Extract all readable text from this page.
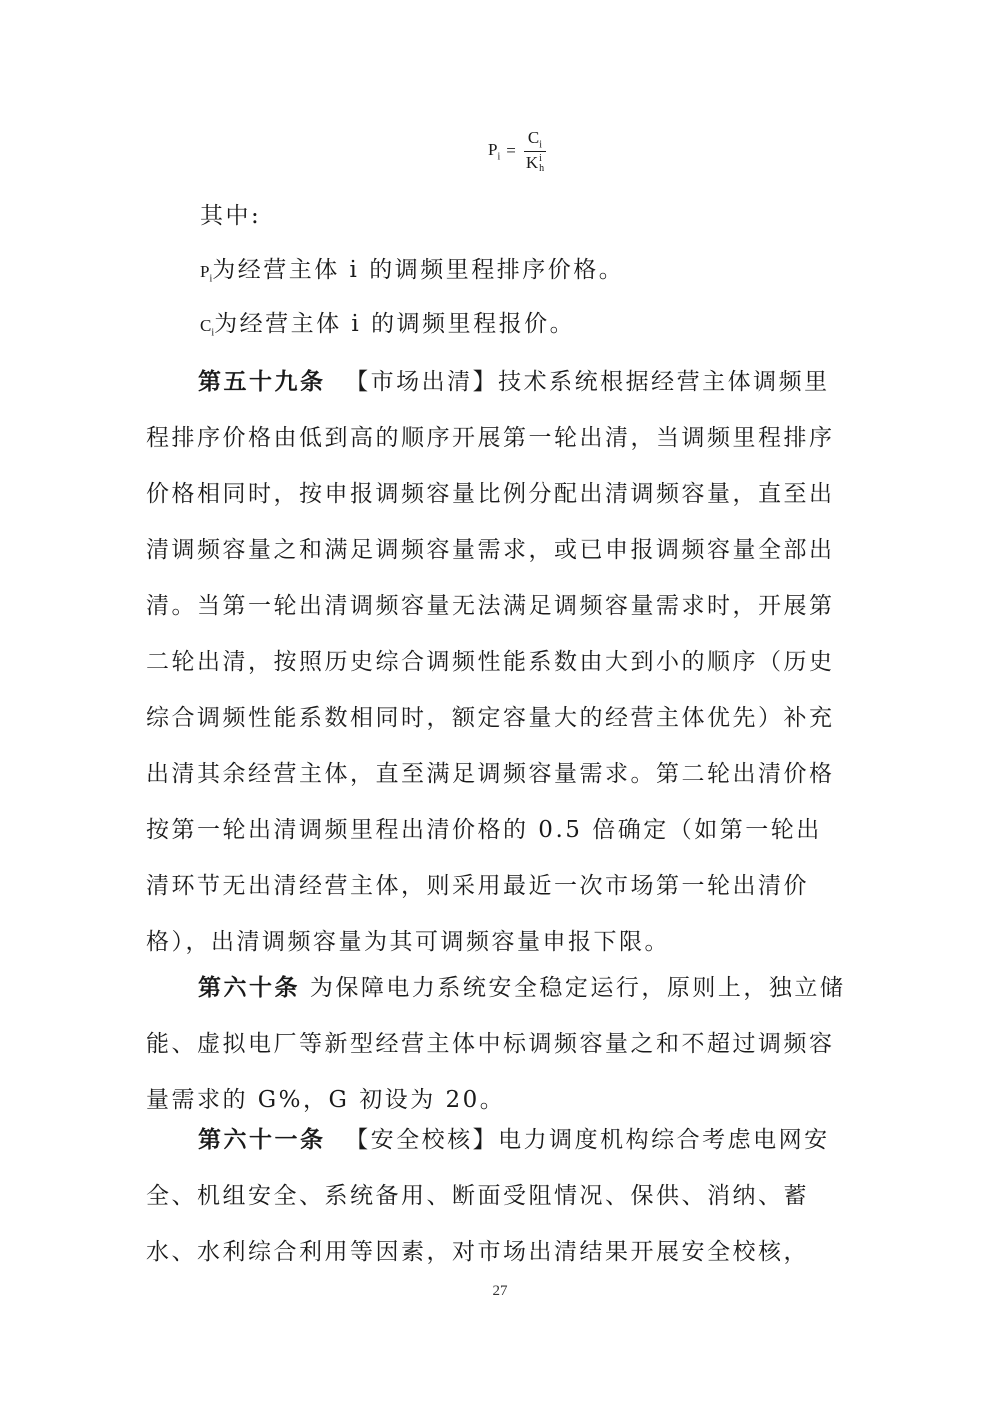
$P_i = C_i$
K i
h

其中:

$P_i$为经营主体 i 的调频里程排序价格。

$C_i$为经营主体 i 的调频里程报价。

第五十九条 【市场出清】技术系统根据经营主体调频里程排序价格由低到高的顺序开展第一轮出清，当调频里程排序价格相同时，按申报调频容量比例分配出清调频容量，直至出清调频容量之和满足调频容量需求，或已申报调频容量全部出清。当第一轮出清调频容量无法满足调频容量需求时，开展第二轮出清，按照历史综合调频性能系数由大到小的顺序（历史综合调频性能系数相同时，额定容量大的经营主体优先）补充出清其余经营主体，直至满足调频容量需求。第二轮出清价格按第一轮出清调频里程出清价格的 0.5 倍确定（如第一轮出清环节无出清经营主体，则采用最近一次市场第一轮出清价格），出清调频容量为其可调频容量申报下限。

第六十条 为保障电力系统安全稳定运行，原则上，独立储能、虚拟电厂等新型经营主体中标调频容量之和不超过调频容量需求的 G%，G 初设为 20。

第六十一条 【安全校核】电力调度机构综合考虑电网安全、机组安全、系统备用、断面受阻情况、保供、消纳、蓄水、水利综合利用等因素，对市场出清结果开展安全校核，

27
